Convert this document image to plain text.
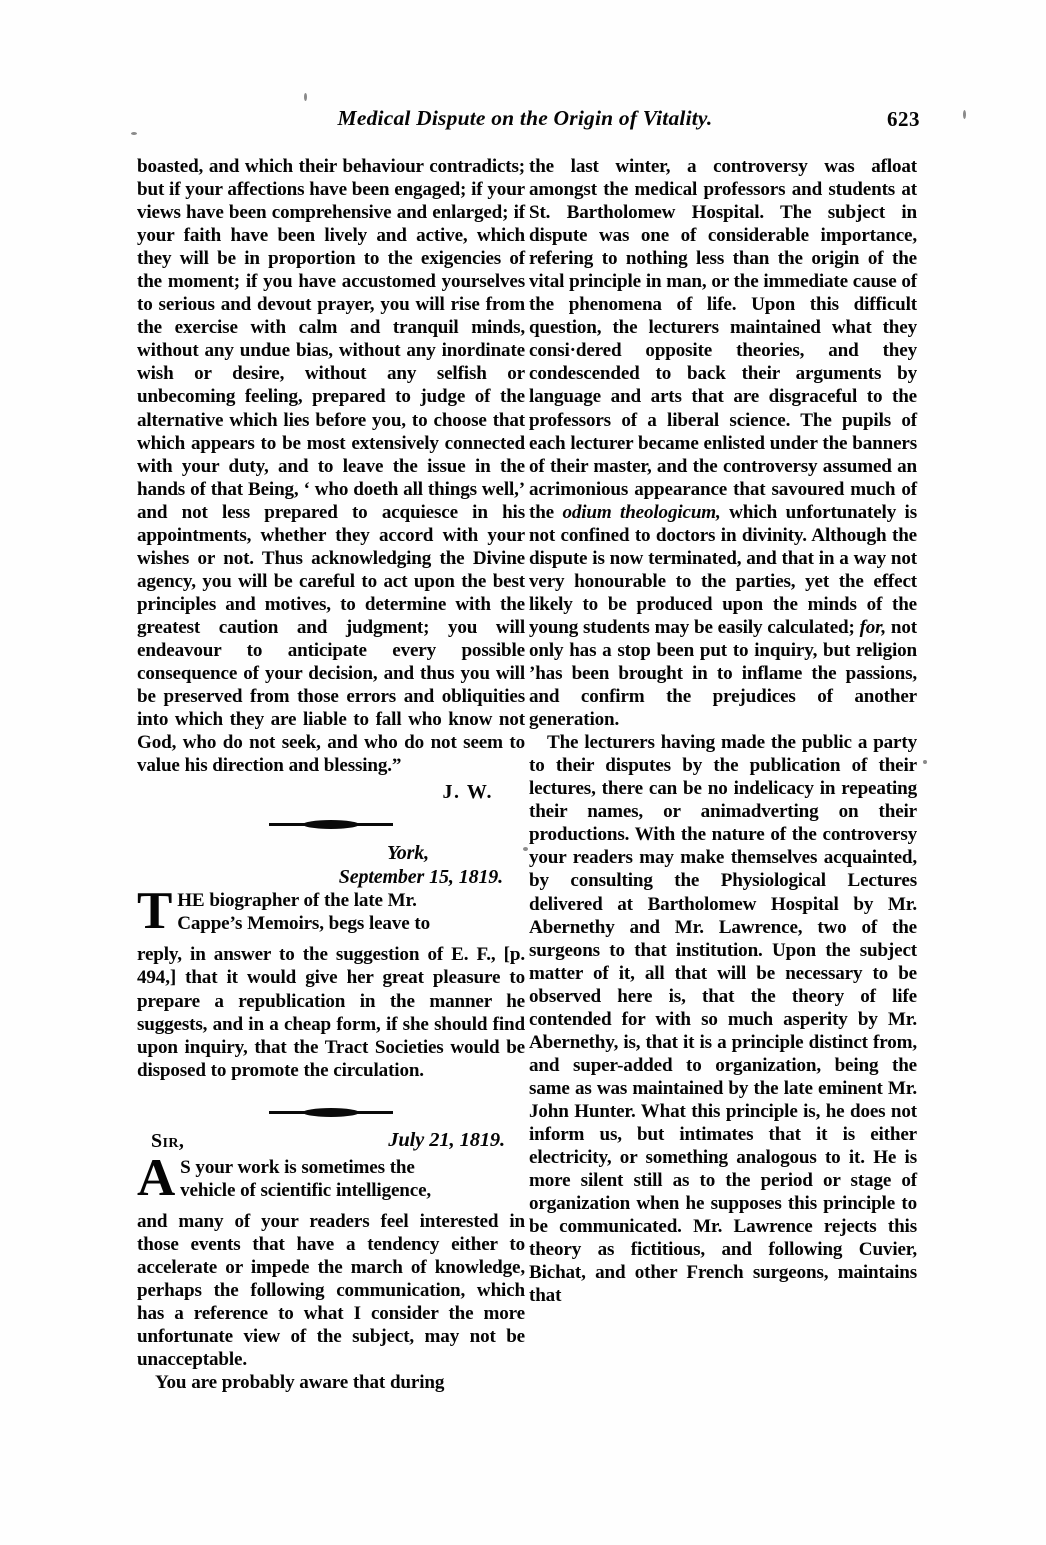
Medical Dispute on the Origin of Vitality.	623

boasted, and which their behaviour contradicts; but if your affections have been engaged; if your views have been comprehensive and enlarged; if your faith have been lively and active, which they will be in proportion to the exigencies of the moment; if you have accustomed yourselves to serious and devout prayer, you will rise from the exercise with calm and tranquil minds, without any undue bias, without any inordinate wish or desire, without any selfish or unbecoming feeling, prepared to judge of the alternative which lies before you, to choose that which appears to be most extensively connected with your duty, and to leave the issue in the hands of that Being, ‘ who doeth all things well,’ and not less prepared to acquiesce in his appointments, whether they accord with your wishes or not. Thus acknowledging the Divine agency, you will be careful to act upon the best principles and motives, to determine with the greatest caution and judgment; you will endeavour to anticipate every possible consequence of your decision, and thus you will be preserved from those errors and obliquities into which they are liable to fall who know not God, who do not seek, and who do not seem to value his direction and blessing.”

J. W.
York,
September 15, 1819.

THE biographer of the late Mr.
Cappe’s Memoirs, begs leave to

reply, in answer to the suggestion of E. F., [p. 494,] that it would give her great pleasure to prepare a republication in the manner he suggests, and in a cheap form, if she should find upon inquiry, that the Tract Societies would be disposed to promote the circulation.

Sir,	July 21, 1819.

A S your work is sometimes the
vehicle of scientific intelligence,

and many of your readers feel interested in those events that have a tendency either to accelerate or impede the march of knowledge, perhaps the following communication, which has a reference to what I consider the more unfortunate view of the subject, may not be unacceptable.

You are probably aware that during

the last winter, a controversy was afloat amongst the medical professors and students at St. Bartholomew Hospital. The subject in dispute was one of considerable importance, refering to nothing less than the origin of the vital principle in man, or the immediate cause of the phenomena of life. Upon this difficult question, the lecturers maintained what they consi·dered opposite theories, and they condescended to back their arguments by language and arts that are disgraceful to the professors of a liberal science. The pupils of each lecturer became enlisted under the banners of their master, and the controversy assumed an acrimonious appearance that savoured much of the odium theologicum, which unfortunately is not confined to doctors in divinity. Although the dispute is now terminated, and that in a way not very honourable to the parties, yet the effect likely to be produced upon the minds of the young students may be easily calculated; for, not only has a stop been put to inquiry, but religion ’has been brought in to inflame the passions, and confirm the prejudices of another generation.

The lecturers having made the public a party to their disputes by the publication of their lectures, there can be no indelicacy in repeating their names, or animadverting on their productions. With the nature of the controversy your readers may make themselves acquainted, by consulting the Physiological Lectures delivered at Bartholomew Hospital by Mr. Abernethy and Mr. Lawrence, two of the surgeons to that institution. Upon the subject matter of it, all that will be necessary to be observed here is, that the theory of life contended for with so much asperity by Mr. Abernethy, is, that it is a principle distinct from, and super-added to organization, being the same as was maintained by the late eminent Mr. John Hunter. What this principle is, he does not inform us, but intimates that it is either electricity, or something analogous to it. He is more silent still as to the period or stage of organization when he supposes this principle to be communicated. Mr. Lawrence rejects this theory as fictitious, and following Cuvier, Bichat, and other French surgeons, maintains that
